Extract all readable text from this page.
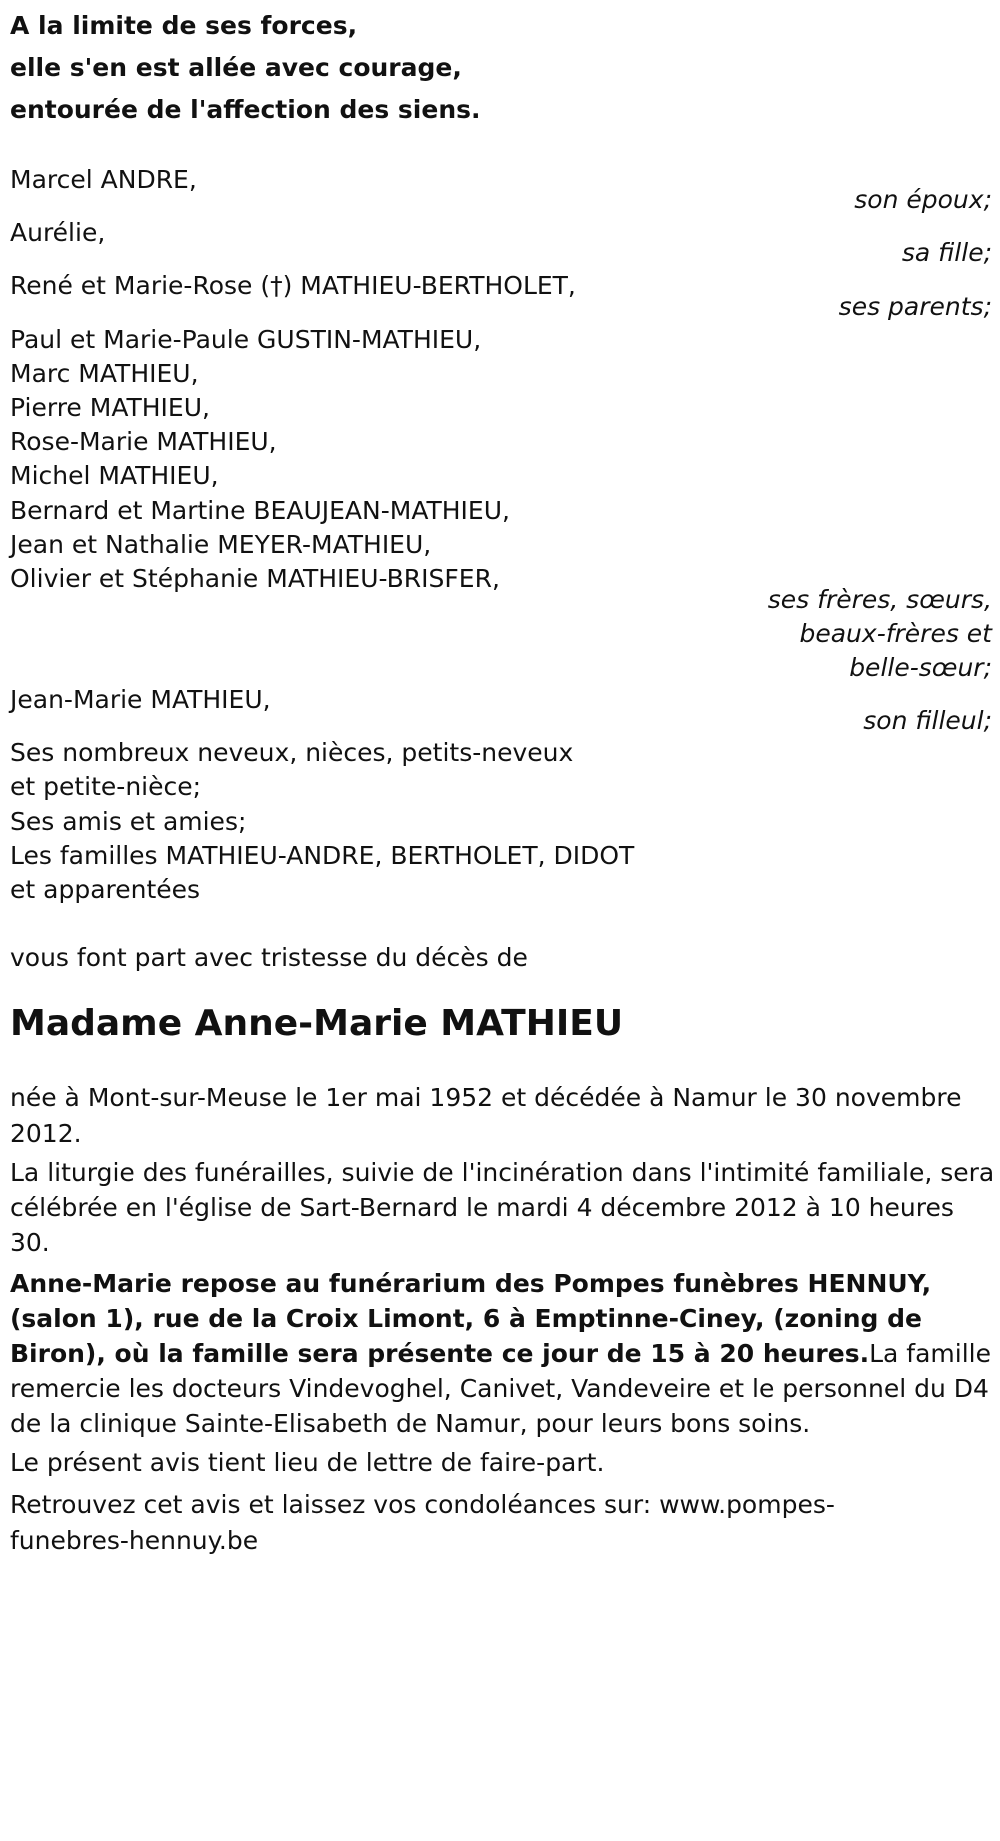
A la limite de ses forces,
elle s'en est allée avec courage,
entourée de l'affection des siens.
Marcel ANDRE,
son époux;
Aurélie,
sa fille;
René et Marie-Rose (†) MATHIEU-BERTHOLET,
ses parents;
Paul et Marie-Paule GUSTIN-MATHIEU,
Marc MATHIEU,
Pierre MATHIEU,
Rose-Marie MATHIEU,
Michel MATHIEU,
Bernard et Martine BEAUJEAN-MATHIEU,
Jean et Nathalie MEYER-MATHIEU,
Olivier et Stéphanie MATHIEU-BRISFER,
ses frères, sœurs,
beaux-frères et
belle-sœur;
Jean-Marie MATHIEU,
son filleul;
Ses nombreux neveux, nièces, petits-neveux
et petite-nièce;
Ses amis et amies;
Les familles MATHIEU-ANDRE, BERTHOLET, DIDOT
et apparentées
vous font part avec tristesse du décès de
Madame Anne-Marie MATHIEU
née à Mont-sur-Meuse le 1er mai 1952 et décédée à Namur le 30 novembre 2012.
La liturgie des funérailles, suivie de l'incinération dans l'intimité familiale, sera célébrée en l'église de Sart-Bernard le mardi 4 décembre 2012 à 10 heures 30.
Anne-Marie repose au funérarium des Pompes funèbres HENNUY, (salon 1), rue de la Croix Limont, 6 à Emptinne-Ciney, (zoning de Biron), où la famille sera présente ce jour de 15 à 20 heures.La famille remercie les docteurs Vindevoghel, Canivet, Vandeveire et le personnel du D4 de la clinique Sainte-Elisabeth de Namur, pour leurs bons soins.
Le présent avis tient lieu de lettre de faire-part.
Retrouvez cet avis et laissez vos condoléances sur: www.pompes-funebres-hennuy.be
